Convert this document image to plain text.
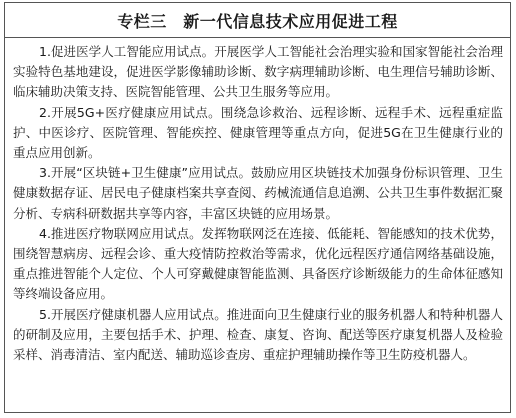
专栏三　新一代信息技术应用促进工程

1.促进医学人工智能应用试点。开展医学人工智能社会治理实验和国家智能社会治理实验特色基地建设，促进医学影像辅助诊断、数字病理辅助诊断、电生理信号辅助诊断、临床辅助决策支持、医院智能管理、公共卫生服务等应用。

2.开展5G+医疗健康应用试点。围绕急诊救治、远程诊断、远程手术、远程重症监护、中医诊疗、医院管理、智能疾控、健康管理等重点方向，促进5G在卫生健康行业的重点应用创新。

3.开展“区块链+卫生健康”应用试点。鼓励应用区块链技术加强身份标识管理、卫生健康数据存证、居民电子健康档案共享查阅、药械流通信息追溯、公共卫生事件数据汇聚分析、专病科研数据共享等内容，丰富区块链的应用场景。

4.推进医疗物联网应用试点。发挥物联网泛在连接、低能耗、智能感知的技术优势，围绕智慧病房、远程会诊、重大疫情防控救治等需求，优化远程医疗通信网络基础设施，重点推进智能个人定位、个人可穿戴健康智能监测、具备医疗诊断级能力的生命体征感知等终端设备应用。

5.开展医疗健康机器人应用试点。推进面向卫生健康行业的服务机器人和特种机器人的研制及应用，主要包括手术、护理、检查、康复、咨询、配送等医疗康复机器人及检验采样、消毒清洁、室内配送、辅助巡诊查房、重症护理辅助操作等卫生防疫机器人。
